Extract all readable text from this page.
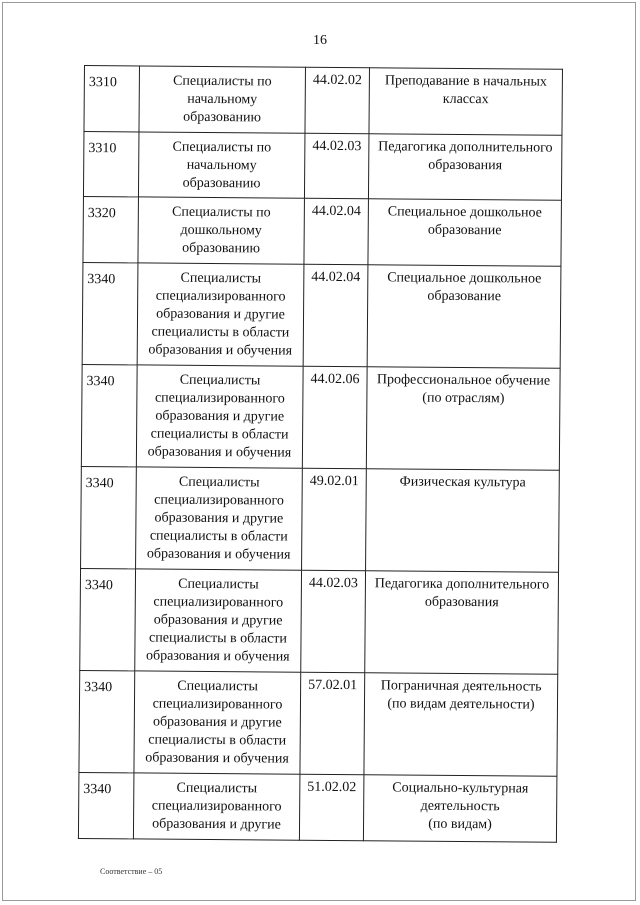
16
3310	Специалисты по
начальному
образованию	44.02.02	Преподавание в начальных
классах

3310	Специалисты по
начальному
образованию	44.02.03	Педагогика дополнительного
образования

3320	Специалисты по
дошкольному
образованию	44.02.04	Специальное дошкольное
образование

3340	Специалисты
специализированного
образования и другие
специалисты в области
образования и обучения	44.02.04	Специальное дошкольное
образование

3340	Специалисты
специализированного
образования и другие
специалисты в области
образования и обучения	44.02.06	Профессиональное обучение
(по отраслям)

3340	Специалисты
специализированного
образования и другие
специалисты в области
образования и обучения	49.02.01	Физическая культура

3340	Специалисты
специализированного
образования и другие
специалисты в области
образования и обучения	44.02.03	Педагогика дополнительного
образования

3340	Специалисты
специализированного
образования и другие
специалисты в области
образования и обучения	57.02.01	Пограничная деятельность
(по видам деятельности)

3340	Специалисты
специализированного
образования и другие	51.02.02	Социально-культурная
деятельность
(по видам)
Соответствие – 05
